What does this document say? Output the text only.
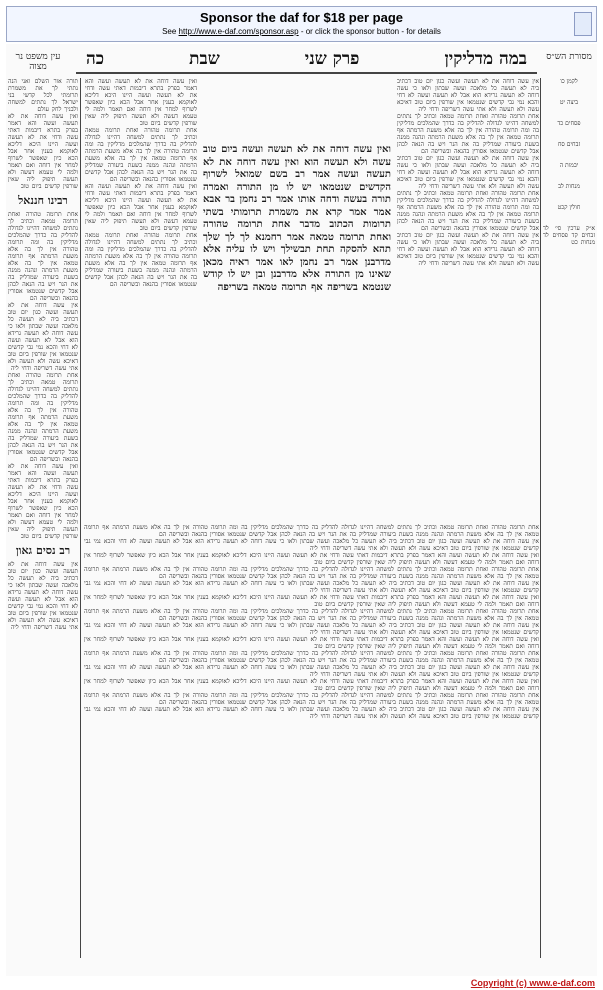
Sponsor the daf for $18 per page
See http://www.e-daf.com/sponsor.asp - or click the sponsor button - for details
מסורת הש״ס
עין משפט נר מצוה	במה מדליקין
פרק שני
שבת
כה
לקמן כו
ביצה יט
פסחים כד
זבחים סח
יבמות ה
מנחות לב
חולין קכט
א״ק ערכין סי׳ לד זבחים קד פסחים לד מנחות כט
אין עשה דוחה את לא תעשה ועשה כגון יום טוב דכתיב ביה לא תעשה כל מלאכה ועשה שבתון ולאו כי עשה דוחה לא תעשה גרידא הוא אבל לא תעשה ועשה לא דחי והכא נמי גבי קדשים שנטמאו אין שורפין ביום טוב דאיכא עשה ולא תעשה ולא אתי עשה דשריפה ודחי ליה
אחת תרומה טהורה ואחת תרומה טמאה וכתיב לך נתתים למשחה דהיינו לגדולה להדליק בה כדרך שהמלכים מדליקין בה ומה תרומה טהורה אין לך בה אלא משעת הרמתה אף תרומה טמאה אין לך בה אלא משעת הרמתה ונהנה ממנה בשעת ביעורה שמדליק בה את הנר ויש בה הנאה לכהן אבל קדשים שנטמאו אסורין בהנאה ובשריפה הם
אין עשה דוחה את לא תעשה ועשה כגון יום טוב דכתיב ביה לא תעשה כל מלאכה ועשה שבתון ולאו כי עשה דוחה לא תעשה גרידא הוא אבל לא תעשה ועשה לא דחי והכא נמי גבי קדשים שנטמאו אין שורפין ביום טוב דאיכא עשה ולא תעשה ולא אתי עשה דשריפה ודחי ליה
אחת תרומה טהורה ואחת תרומה טמאה וכתיב לך נתתים למשחה דהיינו לגדולה להדליק בה כדרך שהמלכים מדליקין בה ומה תרומה טהורה אין לך בה אלא משעת הרמתה אף תרומה טמאה אין לך בה אלא משעת הרמתה ונהנה ממנה בשעת ביעורה שמדליק בה את הנר ויש בה הנאה לכהן אבל קדשים שנטמאו אסורין בהנאה ובשריפה הם
אין עשה דוחה את לא תעשה ועשה כגון יום טוב דכתיב ביה לא תעשה כל מלאכה ועשה שבתון ולאו כי עשה דוחה לא תעשה גרידא הוא אבל לא תעשה ועשה לא דחי והכא נמי גבי קדשים שנטמאו אין שורפין ביום טוב דאיכא עשה ולא תעשה ולא אתי עשה דשריפה ודחי ליה
ואין עשה דוחה את לא תעשה ועשה ביום טוב עשה ולא תעשה הוא ואין עשה דוחה את לא תעשה ועשה אמר רב בשם שמואל לשרוף הקדשים שנטמאו יש לו מן התורה ואמרה תורה בעשה ודחה אותו אמר רב נחמן בר אבא אמר אמר קרא את משמרת תרומותי בשתי תרומות הכתוב מדבר אחת תרומה טהורה ואחת תרומה טמאה אמר רחמנא לך לך שלך תהא להסקה תחת תבשילך ויש לו עליה אלא מדרבנן אמר רב נחמן לאו אמר ראיה מכאן שאינו מן התורה אלא מדרבנן ובן יש לו קודש שנטמא בשריפה אף תרומה טמאה בשריפה
ואין עשה דוחה את לא תעשה ועשה והא דאמר בפרק בתרא דיבמות דאתי עשה ודחי את לא תעשה ועשה היינו היכא דליכא לאוקמא בענין אחר אבל הכא כיון שאפשר לשרוף למחר אין דוחה ואם תאמר ולמה לי טעמא דעשה ולא תעשה תיפוק ליה שאין שורפין קדשים ביום טוב
אחת תרומה טהורה ואחת תרומה טמאה וכתיב לך נתתים למשחה דהיינו לגדולה להדליק בה כדרך שהמלכים מדליקין בה ומה תרומה טהורה אין לך בה אלא משעת הרמתה אף תרומה טמאה אין לך בה אלא משעת הרמתה ונהנה ממנה בשעת ביעורה שמדליק בה את הנר ויש בה הנאה לכהן אבל קדשים שנטמאו אסורין בהנאה ובשריפה הם
ואין עשה דוחה את לא תעשה ועשה והא דאמר בפרק בתרא דיבמות דאתי עשה ודחי את לא תעשה ועשה היינו היכא דליכא לאוקמא בענין אחר אבל הכא כיון שאפשר לשרוף למחר אין דוחה ואם תאמר ולמה לי טעמא דעשה ולא תעשה תיפוק ליה שאין שורפין קדשים ביום טוב
אחת תרומה טהורה ואחת תרומה טמאה וכתיב לך נתתים למשחה דהיינו לגדולה להדליק בה כדרך שהמלכים מדליקין בה ומה תרומה טהורה אין לך בה אלא משעת הרמתה אף תרומה טמאה אין לך בה אלא משעת הרמתה ונהנה ממנה בשעת ביעורה שמדליק בה את הנר ויש בה הנאה לכהן אבל קדשים שנטמאו אסורין בהנאה ובשריפה הם
תורה אור השלם ואני הנה נתתי לך את משמרת תרומתי לכל קדשי בני ישראל לך נתתים למשחה ולבניך לחק עולם
ואין עשה דוחה את לא תעשה ועשה והא דאמר בפרק בתרא דיבמות דאתי עשה ודחי את לא תעשה ועשה היינו היכא דליכא לאוקמא בענין אחר אבל הכא כיון שאפשר לשרוף למחר אין דוחה ואם תאמר ולמה לי טעמא דעשה ולא תעשה תיפוק ליה שאין שורפין קדשים ביום טוב
רבינו חננאל
אחת תרומה טהורה ואחת תרומה טמאה וכתיב לך נתתים למשחה דהיינו לגדולה להדליק בה כדרך שהמלכים מדליקין בה ומה תרומה טהורה אין לך בה אלא משעת הרמתה אף תרומה טמאה אין לך בה אלא משעת הרמתה ונהנה ממנה בשעת ביעורה שמדליק בה את הנר ויש בה הנאה לכהן אבל קדשים שנטמאו אסורין בהנאה ובשריפה הם
אין עשה דוחה את לא תעשה ועשה כגון יום טוב דכתיב ביה לא תעשה כל מלאכה ועשה שבתון ולאו כי עשה דוחה לא תעשה גרידא הוא אבל לא תעשה ועשה לא דחי והכא נמי גבי קדשים שנטמאו אין שורפין ביום טוב דאיכא עשה ולא תעשה ולא אתי עשה דשריפה ודחי ליה
אחת תרומה טהורה ואחת תרומה טמאה וכתיב לך נתתים למשחה דהיינו לגדולה להדליק בה כדרך שהמלכים מדליקין בה ומה תרומה טהורה אין לך בה אלא משעת הרמתה אף תרומה טמאה אין לך בה אלא משעת הרמתה ונהנה ממנה בשעת ביעורה שמדליק בה את הנר ויש בה הנאה לכהן אבל קדשים שנטמאו אסורין בהנאה ובשריפה הם
ואין עשה דוחה את לא תעשה ועשה והא דאמר בפרק בתרא דיבמות דאתי עשה ודחי את לא תעשה ועשה היינו היכא דליכא לאוקמא בענין אחר אבל הכא כיון שאפשר לשרוף למחר אין דוחה ואם תאמר ולמה לי טעמא דעשה ולא תעשה תיפוק ליה שאין שורפין קדשים ביום טוב
רב נסים גאון
אין עשה דוחה את לא תעשה ועשה כגון יום טוב דכתיב ביה לא תעשה כל מלאכה ועשה שבתון ולאו כי עשה דוחה לא תעשה גרידא הוא אבל לא תעשה ועשה לא דחי והכא נמי גבי קדשים שנטמאו אין שורפין ביום טוב דאיכא עשה ולא תעשה ולא אתי עשה דשריפה ודחי ליה
אחת תרומה טהורה ואחת תרומה טמאה וכתיב לך נתתים למשחה דהיינו לגדולה להדליק בה כדרך שהמלכים מדליקין בה ומה תרומה טהורה אין לך בה אלא משעת הרמתה אף תרומה טמאה אין לך בה אלא משעת הרמתה ונהנה ממנה בשעת ביעורה שמדליק בה את הנר ויש בה הנאה לכהן אבל קדשים שנטמאו אסורין בהנאה ובשריפה הם
אין עשה דוחה את לא תעשה ועשה כגון יום טוב דכתיב ביה לא תעשה כל מלאכה ועשה שבתון ולאו כי עשה דוחה לא תעשה גרידא הוא אבל לא תעשה ועשה לא דחי והכא נמי גבי קדשים שנטמאו אין שורפין ביום טוב דאיכא עשה ולא תעשה ולא אתי עשה דשריפה ודחי ליה
ואין עשה דוחה את לא תעשה ועשה והא דאמר בפרק בתרא דיבמות דאתי עשה ודחי את לא תעשה ועשה היינו היכא דליכא לאוקמא בענין אחר אבל הכא כיון שאפשר לשרוף למחר אין דוחה ואם תאמר ולמה לי טעמא דעשה ולא תעשה תיפוק ליה שאין שורפין קדשים ביום טוב
אחת תרומה טהורה ואחת תרומה טמאה וכתיב לך נתתים למשחה דהיינו לגדולה להדליק בה כדרך שהמלכים מדליקין בה ומה תרומה טהורה אין לך בה אלא משעת הרמתה אף תרומה טמאה אין לך בה אלא משעת הרמתה ונהנה ממנה בשעת ביעורה שמדליק בה את הנר ויש בה הנאה לכהן אבל קדשים שנטמאו אסורין בהנאה ובשריפה הם
אין עשה דוחה את לא תעשה ועשה כגון יום טוב דכתיב ביה לא תעשה כל מלאכה ועשה שבתון ולאו כי עשה דוחה לא תעשה גרידא הוא אבל לא תעשה ועשה לא דחי והכא נמי גבי קדשים שנטמאו אין שורפין ביום טוב דאיכא עשה ולא תעשה ולא אתי עשה דשריפה ודחי ליה
ואין עשה דוחה את לא תעשה ועשה והא דאמר בפרק בתרא דיבמות דאתי עשה ודחי את לא תעשה ועשה היינו היכא דליכא לאוקמא בענין אחר אבל הכא כיון שאפשר לשרוף למחר אין דוחה ואם תאמר ולמה לי טעמא דעשה ולא תעשה תיפוק ליה שאין שורפין קדשים ביום טוב
אחת תרומה טהורה ואחת תרומה טמאה וכתיב לך נתתים למשחה דהיינו לגדולה להדליק בה כדרך שהמלכים מדליקין בה ומה תרומה טהורה אין לך בה אלא משעת הרמתה אף תרומה טמאה אין לך בה אלא משעת הרמתה ונהנה ממנה בשעת ביעורה שמדליק בה את הנר ויש בה הנאה לכהן אבל קדשים שנטמאו אסורין בהנאה ובשריפה הם
אין עשה דוחה את לא תעשה ועשה כגון יום טוב דכתיב ביה לא תעשה כל מלאכה ועשה שבתון ולאו כי עשה דוחה לא תעשה גרידא הוא אבל לא תעשה ועשה לא דחי והכא נמי גבי קדשים שנטמאו אין שורפין ביום טוב דאיכא עשה ולא תעשה ולא אתי עשה דשריפה ודחי ליה
ואין עשה דוחה את לא תעשה ועשה והא דאמר בפרק בתרא דיבמות דאתי עשה ודחי את לא תעשה ועשה היינו היכא דליכא לאוקמא בענין אחר אבל הכא כיון שאפשר לשרוף למחר אין דוחה ואם תאמר ולמה לי טעמא דעשה ולא תעשה תיפוק ליה שאין שורפין קדשים ביום טוב
אחת תרומה טהורה ואחת תרומה טמאה וכתיב לך נתתים למשחה דהיינו לגדולה להדליק בה כדרך שהמלכים מדליקין בה ומה תרומה טהורה אין לך בה אלא משעת הרמתה אף תרומה טמאה אין לך בה אלא משעת הרמתה ונהנה ממנה בשעת ביעורה שמדליק בה את הנר ויש בה הנאה לכהן אבל קדשים שנטמאו אסורין בהנאה ובשריפה הם
אין עשה דוחה את לא תעשה ועשה כגון יום טוב דכתיב ביה לא תעשה כל מלאכה ועשה שבתון ולאו כי עשה דוחה לא תעשה גרידא הוא אבל לא תעשה ועשה לא דחי והכא נמי גבי קדשים שנטמאו אין שורפין ביום טוב דאיכא עשה ולא תעשה ולא אתי עשה דשריפה ודחי ליה
ואין עשה דוחה את לא תעשה ועשה והא דאמר בפרק בתרא דיבמות דאתי עשה ודחי את לא תעשה ועשה היינו היכא דליכא לאוקמא בענין אחר אבל הכא כיון שאפשר לשרוף למחר אין דוחה ואם תאמר ולמה לי טעמא דעשה ולא תעשה תיפוק ליה שאין שורפין קדשים ביום טוב
אחת תרומה טהורה ואחת תרומה טמאה וכתיב לך נתתים למשחה דהיינו לגדולה להדליק בה כדרך שהמלכים מדליקין בה ומה תרומה טהורה אין לך בה אלא משעת הרמתה אף תרומה טמאה אין לך בה אלא משעת הרמתה ונהנה ממנה בשעת ביעורה שמדליק בה את הנר ויש בה הנאה לכהן אבל קדשים שנטמאו אסורין בהנאה ובשריפה הם
אין עשה דוחה את לא תעשה ועשה כגון יום טוב דכתיב ביה לא תעשה כל מלאכה ועשה שבתון ולאו כי עשה דוחה לא תעשה גרידא הוא אבל לא תעשה ועשה לא דחי והכא נמי גבי קדשים שנטמאו אין שורפין ביום טוב דאיכא עשה ולא תעשה ולא אתי עשה דשריפה ודחי ליה
Copyright (c) www.e-daf.com
